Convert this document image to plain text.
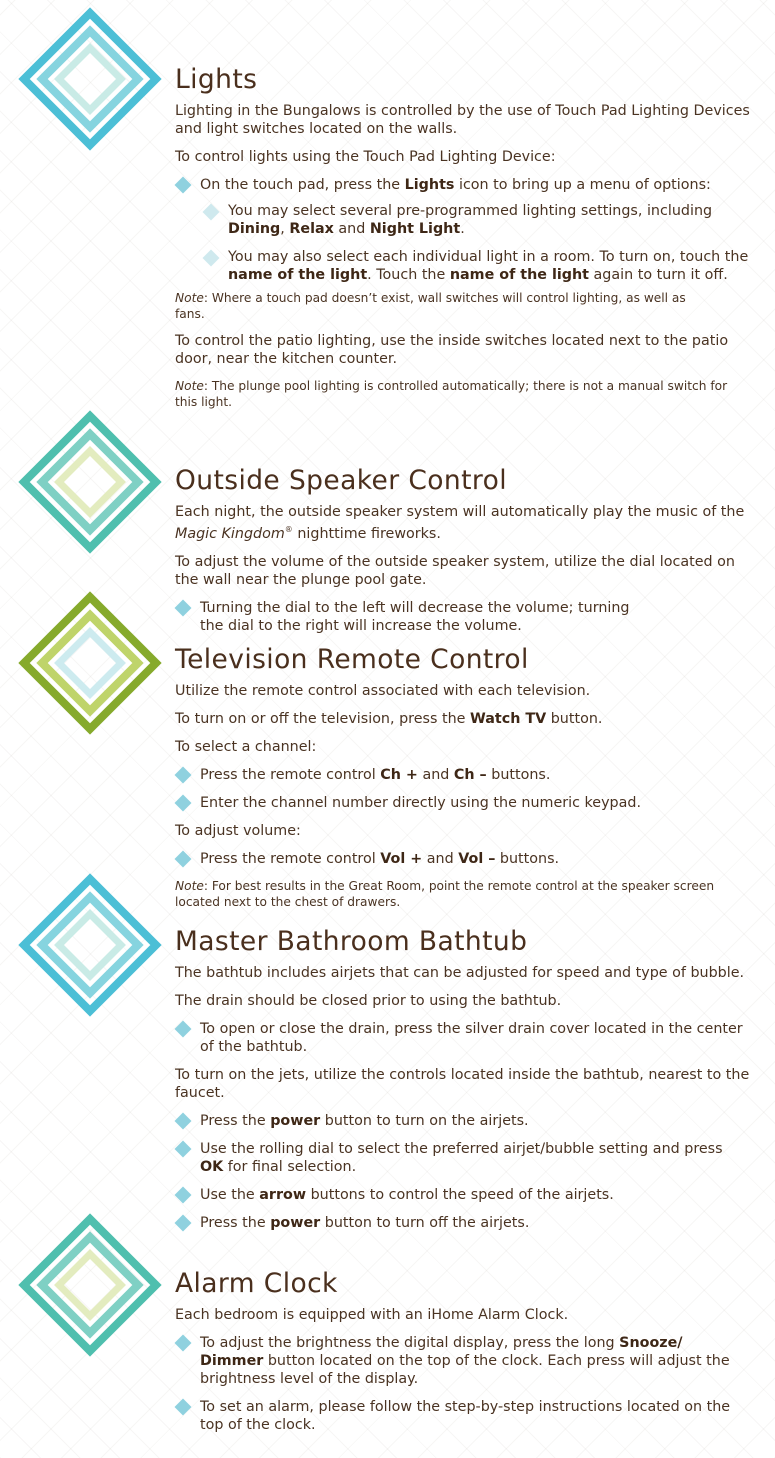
Lights

Lighting in the Bungalows is controlled by the use of Touch Pad Lighting Devices and light switches located on the walls.

To control lights using the Touch Pad Lighting Device:

On the touch pad, press the Lights icon to bring up a menu of options:
You may select several pre-programmed lighting settings, including Dining, Relax and Night Light.
You may also select each individual light in a room. To turn on, touch the name of the light. Touch the name of the light again to turn it off.

Note: Where a touch pad doesn’t exist, wall switches will control lighting, as well as fans.

To control the patio lighting, use the inside switches located next to the patio door, near the kitchen counter.

Note: The plunge pool lighting is controlled automatically; there is not a manual switch for this light.

Outside Speaker Control

Each night, the outside speaker system will automatically play the music of the Magic Kingdom® nighttime fireworks.

To adjust the volume of the outside speaker system, utilize the dial located on the wall near the plunge pool gate.

Turning the dial to the left will decrease the volume; turning the dial to the right will increase the volume.
Television Remote Control

Utilize the remote control associated with each television.

To turn on or off the television, press the Watch TV button.

To select a channel:

Press the remote control Ch + and Ch – buttons.
Enter the channel number directly using the numeric keypad.

To adjust volume:

Press the remote control Vol + and Vol – buttons.

Note: For best results in the Great Room, point the remote control at the speaker screen located next to the chest of drawers.

Master Bathroom Bathtub

The bathtub includes airjets that can be adjusted for speed and type of bubble.

The drain should be closed prior to using the bathtub.

To open or close the drain, press the silver drain cover located in the center of the bathtub.

To turn on the jets, utilize the controls located inside the bathtub, nearest to the faucet.

Press the power button to turn on the airjets.
Use the rolling dial to select the preferred airjet/bubble setting and press OK for final selection.
Use the arrow buttons to control the speed of the airjets.
Press the power button to turn off the airjets.
Alarm Clock

Each bedroom is equipped with an iHome Alarm Clock.

To adjust the brightness the digital display, press the long Snooze/ Dimmer button located on the top of the clock. Each press will adjust the brightness level of the display.
To set an alarm, please follow the step-by-step instructions located on the top of the clock.
